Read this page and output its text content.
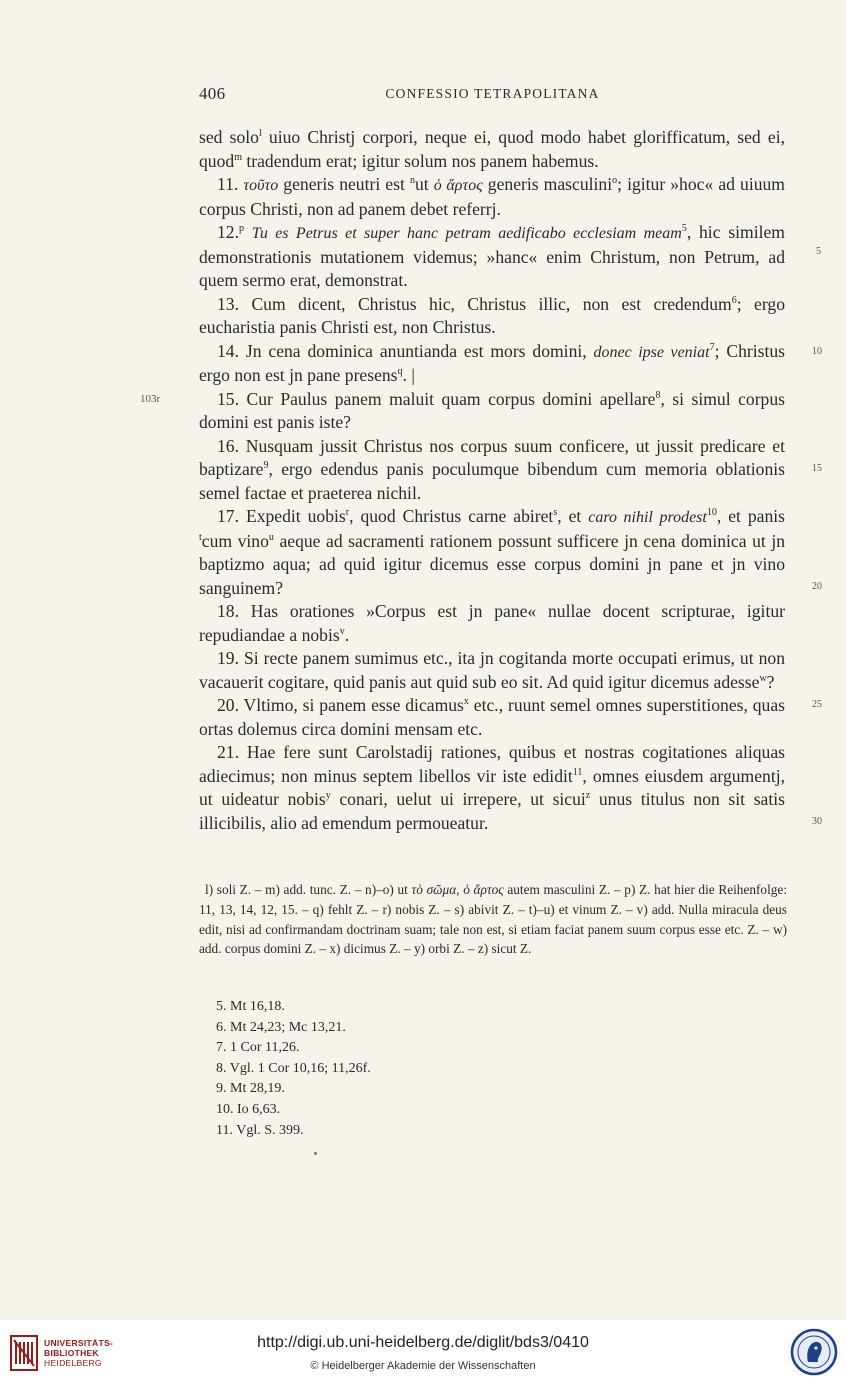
406	CONFESSIO TETRAPOLITANA
103r
5
10
15
20
25
30

sed solo$^l$ uiuo Christj corpori, neque ei, quod modo habet glorifficatum, sed ei, quod$^m$ tradendum erat; igitur solum nos panem habemus.

11. τοῦτο generis neutri est $^n$ut ὁ ἄρτος generis masculini$^o$; igitur »hoc« ad uiuum corpus Christi, non ad panem debet referrj.

12.$^p$ Tu es Petrus et super hanc petram aedificabo ecclesiam meam$^5$, hic similem demonstrationis mutationem videmus; »hanc« enim Christum, non Petrum, ad quem sermo erat, demonstrat.

13. Cum dicent, Christus hic, Christus illic, non est credendum$^6$; ergo eucharistia panis Christi est, non Christus.

14. Jn cena dominica anuntianda est mors domini, donec ipse veniat$^7$; Christus ergo non est jn pane presens$^q$. |

15. Cur Paulus panem maluit quam corpus domini apellare$^8$, si simul corpus domini est panis iste?

16. Nusquam jussit Christus nos corpus suum conficere, ut jussit predicare et baptizare$^9$, ergo edendus panis poculumque bibendum cum memoria oblationis semel factae et praeterea nichil.

17. Expedit uobis$^r$, quod Christus carne abiret$^s$, et caro nihil prodest$^{10}$, et panis $^t$cum vino$^u$ aeque ad sacramenti rationem possunt sufficere jn cena dominica ut jn baptizmo aqua; ad quid igitur dicemus esse corpus domini jn pane et jn vino sanguinem?

18. Has orationes »Corpus est jn pane« nullae docent scripturae, igitur repudiandae a nobis$^v$.

19. Si recte panem sumimus etc., ita jn cogitanda morte occupati erimus, ut non vacauerit cogitare, quid panis aut quid sub eo sit. Ad quid igitur dicemus adesse$^w$?

20. Vltimo, si panem esse dicamus$^x$ etc., ruunt semel omnes superstitiones, quas ortas dolemus circa domini mensam etc.

21. Hae fere sunt Carolstadij rationes, quibus et nostras cogitationes aliquas adiecimus; non minus septem libellos vir iste edidit$^{11}$, omnes eiusdem argumentj, ut uideatur nobis$^y$ conari, uelut ui irrepere, ut sicui$^z$ unus titulus non sit satis illicibilis, alio ad emendum permoueatur.

l) soli Z. – m) add. tunc. Z. – n)–o) ut τὸ σῶμα, ὁ ἄρτος autem masculini Z. – p) Z. hat hier die Reihenfolge: 11, 13, 14, 12, 15. – q) fehlt Z. – r) nobis Z. – s) abivit Z. – t)–u) et vinum Z. – v) add. Nulla miracula deus edit, nisi ad confirmandam doctrinam suam; tale non est, si etiam faciat panem suum corpus esse etc. Z. – w) add. corpus domini Z. – x) dicimus Z. – y) orbi Z. – z) sicut Z.

5. Mt 16,18.
6. Mt 24,23; Mc 13,21.
7. 1 Cor 11,26.
8. Vgl. 1 Cor 10,16; 11,26f.
9. Mt 28,19.
10. Io 6,63.
11. Vgl. S. 399.
UNIVERSITÄTS-
BIBLIOTHEK
HEIDELBERG
http://digi.ub.uni-heidelberg.de/diglit/bds3/0410
© Heidelberger Akademie der Wissenschaften
